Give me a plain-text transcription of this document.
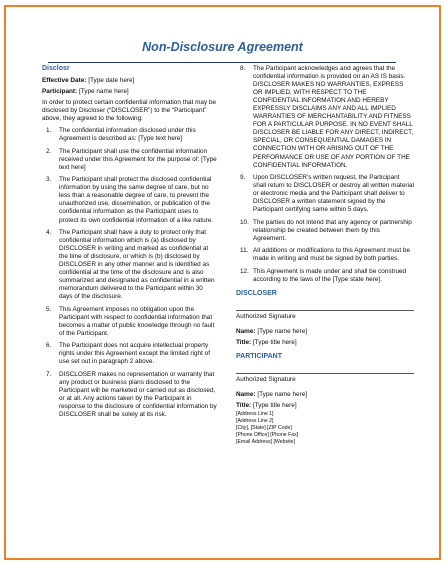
Non-Disclosure Agreement
Disclosr
Effective Date: [Type date here]
Participant: [Type name here]
In order to protect certain confidential information that may be disclosed by Discloser (“DISCLOSER”) to the “Participant” above, they agreed to the following:
1. The confidential information disclosed under this Agreement is described as: [Type text here]
2. The Participant shall use the confidential information received under this Agreement for the purpose of: [Type text here]
3. The Participant shall protect the disclosed confidential information by using the same degree of care, but no less than a reasonable degree of care, to prevent the unauthorized use, dissemination, or publication of the confidential information as the Participant uses to protect its own confidential information of a like nature.
4. The Participant shall have a duty to protect only that confidential information which is (a) disclosed by DISCLOSER in writing and marked as confidential at the time of disclosure, or which is (b) disclosed by DISCLOSER in any other manner and is identified as confidential at the time of the disclosure and is also summarized and designated as confidential in a written memorandum delivered to the Participant within 30 days of the disclosure.
5. This Agreement imposes no obligation upon the Participant with respect to confidential information that becomes a matter of public knowledge through no fault of the Participant.
6. The Participant does not acquire intellectual property rights under this Agreement except the limited right of use set out in paragraph 2 above.
7. DISCLOSER makes no representation or warranty that any product or business plans disclosed to the Participant will be marketed or carried out as disclosed, or at all. Any actions taken by the Participant in response to the disclosure of confidential information by DISCLOSER shall be solely at its risk.
8. The Participant acknowledges and agrees that the confidential information is provided on an AS IS basis. DISCLOSER MAKES NO WARRANTIES, EXPRESS OR IMPLIED, WITH RESPECT TO THE CONFIDENTIAL INFORMATION AND HEREBY EXPRESSLY DISCLAIMS ANY AND ALL IMPLIED WARRANTIES OF MERCHANTABILITY AND FITNESS FOR A PARTICULAR PURPOSE. IN NO EVENT SHALL DISCLOSER BE LIABLE FOR ANY DIRECT, INDIRECT, SPECIAL, OR CONSEQUENTIAL DAMAGES IN CONNECTION WITH OR ARISING OUT OF THE PERFORMANCE OR USE OF ANY PORTION OF THE CONFIDENTIAL INFORMATION.
9. Upon DISCLOSER's written request, the Participant shall return to DISCLOSER or destroy all written material or electronic media and the Participant shall deliver to DISCLOSER a written statement signed by the Participant certifying same within 5 days.
10. The parties do not intend that any agency or partnership relationship be created between them by this Agreement.
11. All additions or modifications to this Agreement must be made in writing and must be signed by both parties.
12. This Agreement is made under and shall be construed according to the laws of the [Type state here].
DISCLOSER
Authorized Signature
Name: [Type name here]
Title: [Type title here]
PARTICIPANT
Authorized Signature
Name: [Type name here]
Title: [Type title here]
[Address Line 1]
[Address Line 2]
[City], [State] [ZIP Code]
[Phone Office] [Phone Fax]
[Email Address] [Website]
